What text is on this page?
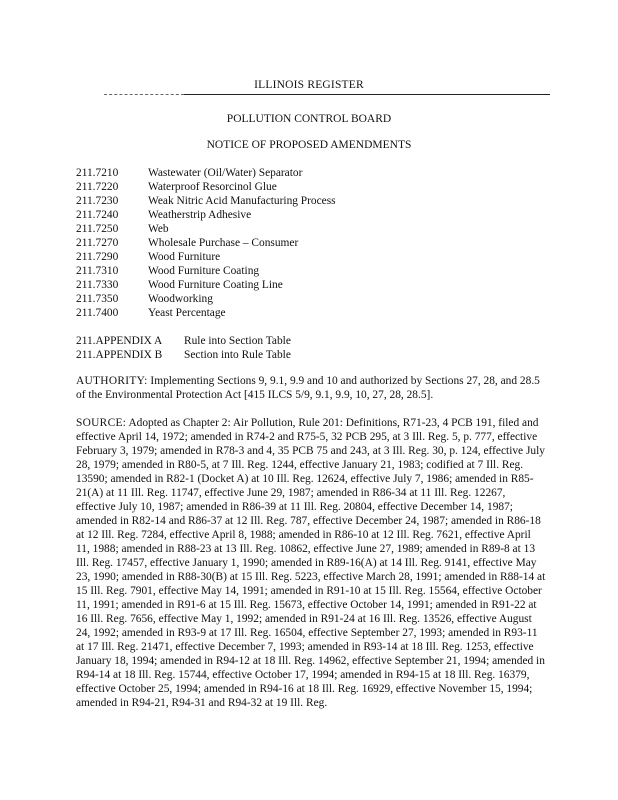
ILLINOIS REGISTER
POLLUTION CONTROL BOARD
NOTICE OF PROPOSED AMENDMENTS
211.7210	Wastewater (Oil/Water) Separator
211.7220	Waterproof Resorcinol Glue
211.7230	Weak Nitric Acid Manufacturing Process
211.7240	Weatherstrip Adhesive
211.7250	Web
211.7270	Wholesale Purchase – Consumer
211.7290	Wood Furniture
211.7310	Wood Furniture Coating
211.7330	Wood Furniture Coating Line
211.7350	Woodworking
211.7400	Yeast Percentage
211.APPENDIX A	Rule into Section Table
211.APPENDIX B	Section into Rule Table

AUTHORITY: Implementing Sections 9, 9.1, 9.9 and 10 and authorized by Sections 27, 28, and 28.5 of the Environmental Protection Act [415 ILCS 5/9, 9.1, 9.9, 10, 27, 28, 28.5].

SOURCE: Adopted as Chapter 2: Air Pollution, Rule 201: Definitions, R71-23, 4 PCB 191, filed and effective April 14, 1972; amended in R74-2 and R75-5, 32 PCB 295, at 3 Ill. Reg. 5, p. 777, effective February 3, 1979; amended in R78-3 and 4, 35 PCB 75 and 243, at 3 Ill. Reg. 30, p. 124, effective July 28, 1979; amended in R80-5, at 7 Ill. Reg. 1244, effective January 21, 1983; codified at 7 Ill. Reg. 13590; amended in R82-1 (Docket A) at 10 Ill. Reg. 12624, effective July 7, 1986; amended in R85-21(A) at 11 Ill. Reg. 11747, effective June 29, 1987; amended in R86-34 at 11 Ill. Reg. 12267, effective July 10, 1987; amended in R86-39 at 11 Ill. Reg. 20804, effective December 14, 1987; amended in R82-14 and R86-37 at 12 Ill. Reg. 787, effective December 24, 1987; amended in R86-18 at 12 Ill. Reg. 7284, effective April 8, 1988; amended in R86-10 at 12 Ill. Reg. 7621, effective April 11, 1988; amended in R88-23 at 13 Ill. Reg. 10862, effective June 27, 1989; amended in R89-8 at 13 Ill. Reg. 17457, effective January 1, 1990; amended in R89-16(A) at 14 Ill. Reg. 9141, effective May 23, 1990; amended in R88-30(B) at 15 Ill. Reg. 5223, effective March 28, 1991; amended in R88-14 at 15 Ill. Reg. 7901, effective May 14, 1991; amended in R91-10 at 15 Ill. Reg. 15564, effective October 11, 1991; amended in R91-6 at 15 Ill. Reg. 15673, effective October 14, 1991; amended in R91-22 at 16 Ill. Reg. 7656, effective May 1, 1992; amended in R91-24 at 16 Ill. Reg. 13526, effective August 24, 1992; amended in R93-9 at 17 Ill. Reg. 16504, effective September 27, 1993; amended in R93-11 at 17 Ill. Reg. 21471, effective December 7, 1993; amended in R93-14 at 18 Ill. Reg. 1253, effective January 18, 1994; amended in R94-12 at 18 Ill. Reg. 14962, effective September 21, 1994; amended in R94-14 at 18 Ill. Reg. 15744, effective October 17, 1994; amended in R94-15 at 18 Ill. Reg. 16379, effective October 25, 1994; amended in R94-16 at 18 Ill. Reg. 16929, effective November 15, 1994; amended in R94-21, R94-31 and R94-32 at 19 Ill. Reg.
